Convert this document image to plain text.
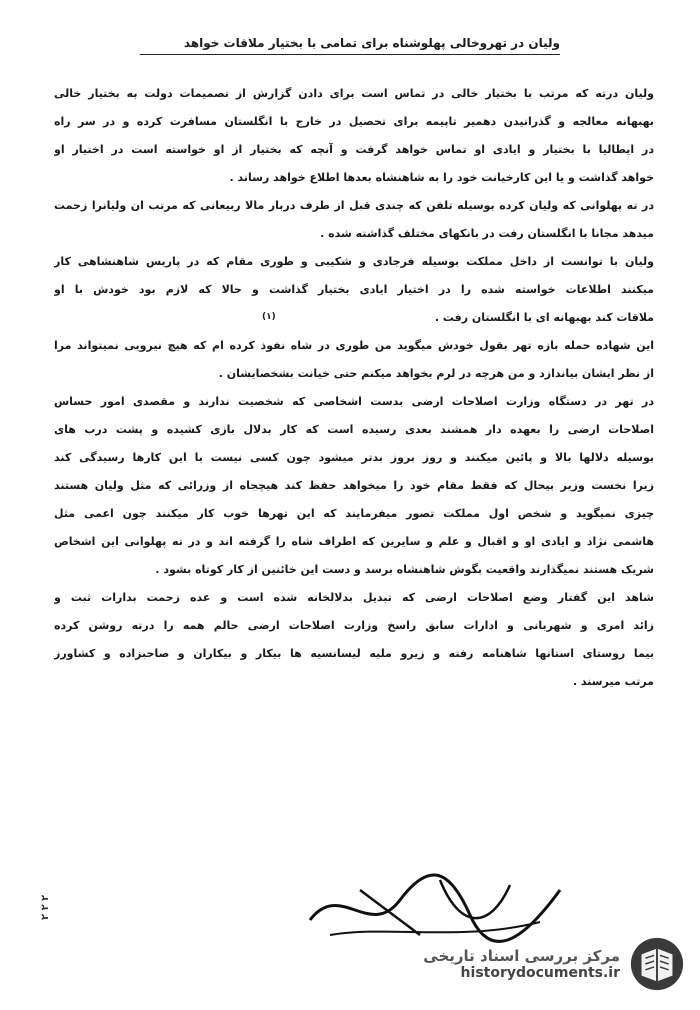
ولیان در تهرو‌خالی پهلوشناه برای تمامی با بختیار ملاقات خواهد
ولیان درته که مرتب با بختیار خالی در تماس است برای دادن گزارش از تصمیمات دولت به بختیار خالی
بهبهانه معالجه و گذرانیدن دهمیر تاپیمه برای تحصیل در خارج با انگلستان مسافرت کرده و در سر راه
در ایطالیا با بختیار و ایادی او تماس خواهد گرفت و آنچه که بختیار از او خواسته است در اختیار او
خواهد گذاشت و یا این کارخیانت خود را به شاهنشاه بعدها اطلاع خواهد رساند .
در ته پهلوانی که ولیان کرده بوسیله تلفن که چندی قبل از طرف دربار مالا ربیعانی که مرتب ان ولیانرا زحمت
میدهد مجانا با انگلستان رفت در بانکهای مختلف گذاشته شده .
ولیان با توانست از داخل مملکت بوسیله فرجادی و شکیبی و طوری مقام که در پاریس شاهنشاهی کار
میکنند اطلاعات خواسته شده را در اختیار ایادی بختیار گذاشت و حالا که لازم بود خودش با او
ملاقات کند بهبهانه ای با انگلستان رفت .
این شهاده حمله بازه تهر بقول خودش میگوید من طوری در شاه نفوذ کرده ام که هیچ نیرویی نمیتواند مرا
از نظر ایشان بیاندازد و من هرچه در لرم بخواهد میکنم حتی خیانت بشخصایشان .
در تهر در دستگاه وزارت اصلاحات ارضی بدست اشخاصی که شخصیت ندارند و مقصدی امور حساس
اصلاحات ارضی را بعهده دار همشند بعدی رسیده است که کار بدلال بازی کشیده و پشت درب های
بوسیله دلالها بالا و پائین میکنند و روز بروز بدتر میشود چون کسی نیست با این کارها رسیدگی کند
زیرا نخست وزیر بیحال که فقط مقام خود را میخواهد حفظ کند هیچجاه از وزرائی که مثل ولیان هستند
چیزی نمیگوید و شخص اول مملکت تصور میفرمایند که این تهرها خوب کار میکنند چون اعمی مثل
هاشمی نژاد و ایادی او و اقبال و علم و سایرین که اطراف شاه را گرفته اند و در ته پهلوانی این اشخاص
شریک هستند نمیگذارند واقعیت بگوش شاهنشاه برسد و دست این خائنین از کار کوتاه بشود .
شاهد این گفتار وضع اصلاحات ارضی که تبدیل بدلالخانه شده است و عده زحمت بدارات ثبت و
زائد امری و شهربانی و ادارات سابق راسخ وزارت اصلاحات ارضی حالم همه را درته روشن کرده
بیما روستای استانها شاهنامه رفته و زیرو ملیه لیسانسیه ها بیکار و بیکاران و صاحبزاده و کشاورز
مرتب میرسند .
(۱)
۲ ۲ ۲
مرکز بررسی اسناد تاریخی
historydocuments.ir
